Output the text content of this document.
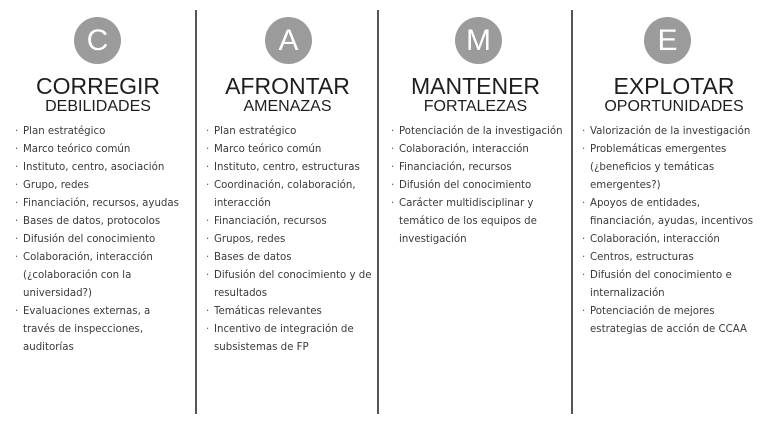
C
CORREGIR
DEBILIDADES
· Plan estratégico
· Marco teórico común
· Instituto, centro, asociación
· Grupo, redes
· Financiación, recursos, ayudas
· Bases de datos, protocolos
· Difusión del conocimiento
· Colaboración, interacción (¿colaboración con la universidad?)
· Evaluaciones externas, a través de inspecciones, auditorías
A
AFRONTAR
AMENAZAS
· Plan estratégico
· Marco teórico común
· Instituto, centro, estructuras
· Coordinación, colaboración, interacción
· Financiación, recursos
· Grupos, redes
· Bases de datos
· Difusión del conocimiento y de resultados
· Temáticas relevantes
· Incentivo de integración de subsistemas de FP
M
MANTENER
FORTALEZAS
· Potenciación de la investigación
· Colaboración, interacción
· Financiación, recursos
· Difusión del conocimiento
· Carácter multidisciplinar y temático de los equipos de investigación
E
EXPLOTAR
OPORTUNIDADES
· Valorización de la investigación
· Problemáticas emergentes (¿beneficios y temáticas emergentes?)
· Apoyos de entidades, financiación, ayudas, incentivos
· Colaboración, interacción
· Centros, estructuras
· Difusión del conocimiento e internalización
· Potenciación de mejores estrategias de acción de CCAA
